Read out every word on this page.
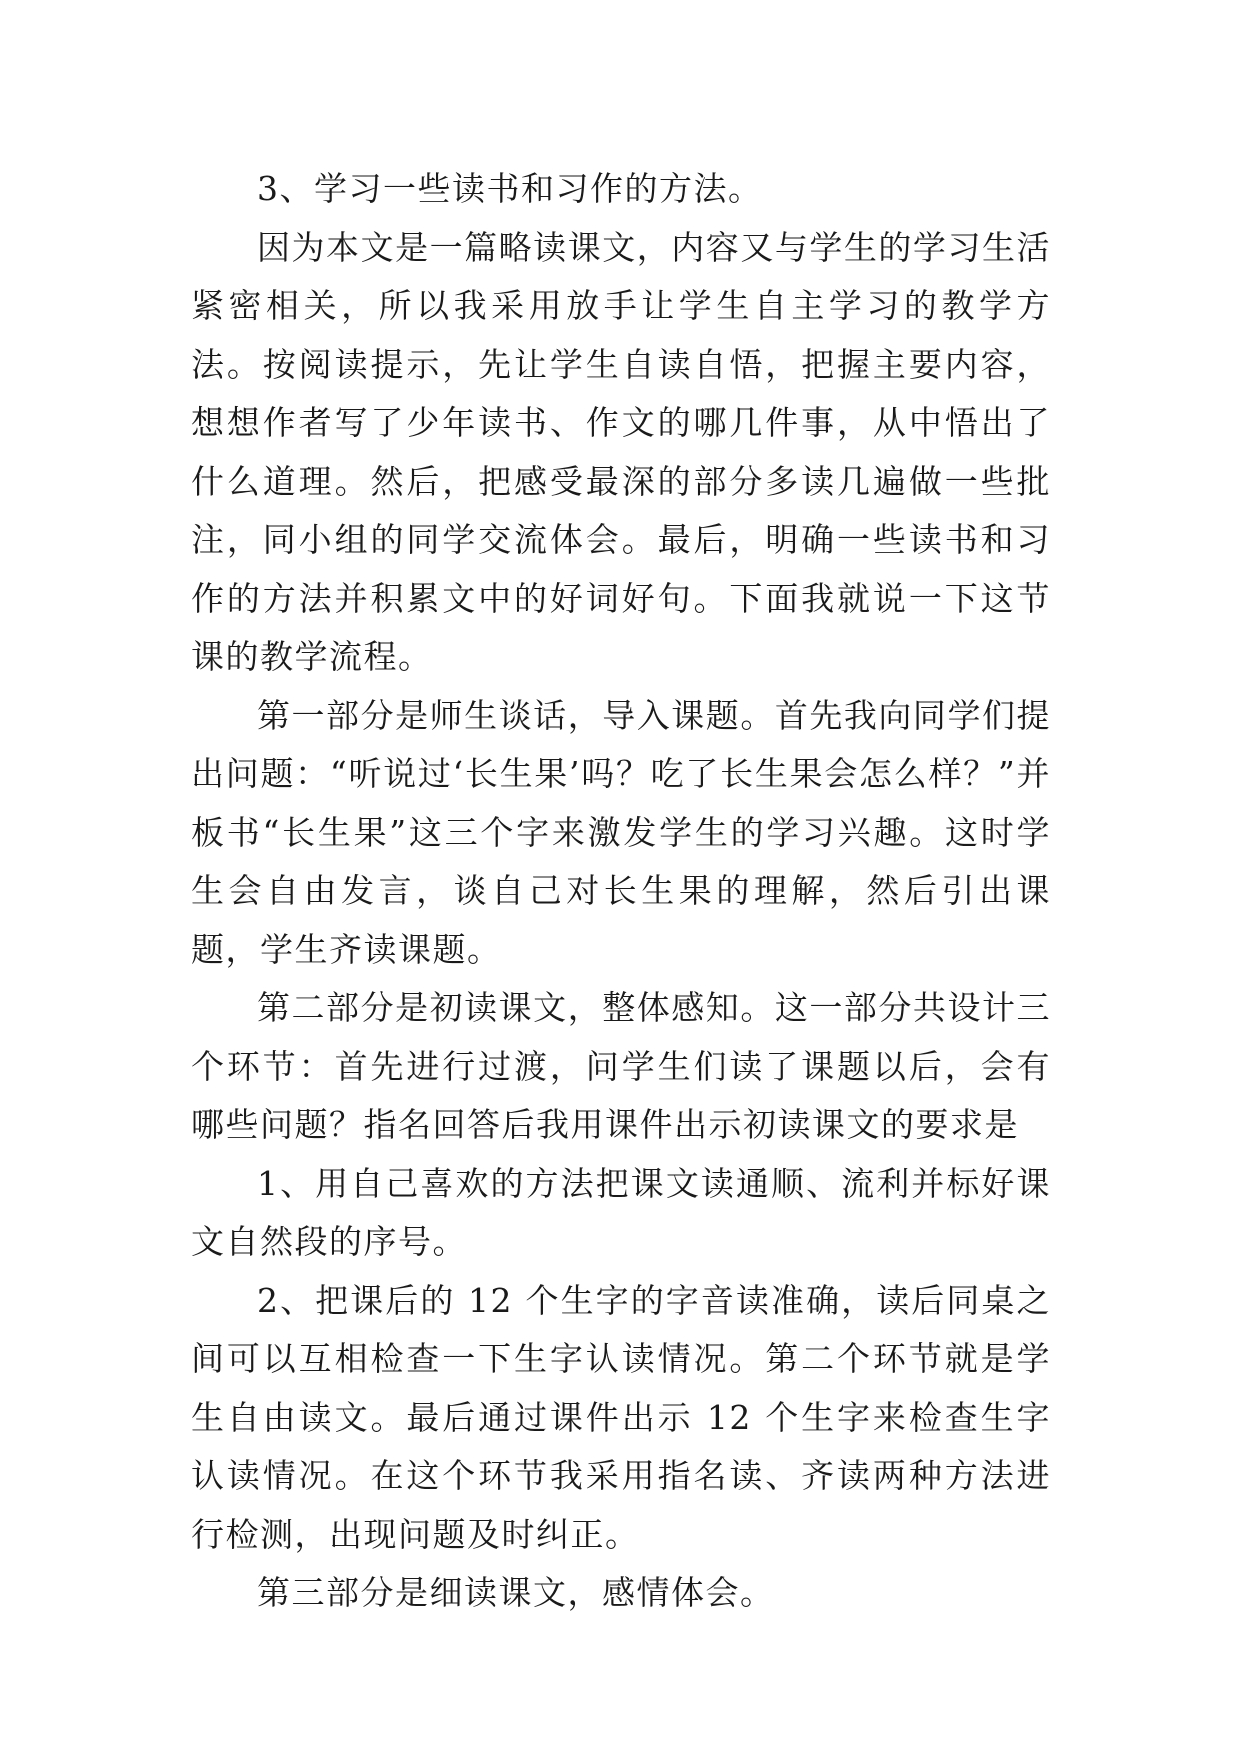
3、学习一些读书和习作的方法。

因为本文是一篇略读课文，内容又与学生的学习生活紧密相关，所以我采用放手让学生自主学习的教学方法。按阅读提示，先让学生自读自悟，把握主要内容，想想作者写了少年读书、作文的哪几件事，从中悟出了什么道理。然后，把感受最深的部分多读几遍做一些批注，同小组的同学交流体会。最后，明确一些读书和习作的方法并积累文中的好词好句。下面我就说一下这节课的教学流程。

第一部分是师生谈话，导入课题。首先我向同学们提出问题：“听说过‘长生果’吗？吃了长生果会怎么样？”并板书“长生果”这三个字来激发学生的学习兴趣。这时学生会自由发言，谈自己对长生果的理解，然后引出课题，学生齐读课题。

第二部分是初读课文，整体感知。这一部分共设计三个环节：首先进行过渡，问学生们读了课题以后，会有哪些问题？指名回答后我用课件出示初读课文的要求是

1、用自己喜欢的方法把课文读通顺、流利并标好课文自然段的序号。

2、把课后的 12 个生字的字音读准确，读后同桌之间可以互相检查一下生字认读情况。第二个环节就是学生自由读文。最后通过课件出示 12 个生字来检查生字认读情况。在这个环节我采用指名读、齐读两种方法进行检测，出现问题及时纠正。

第三部分是细读课文，感情体会。
